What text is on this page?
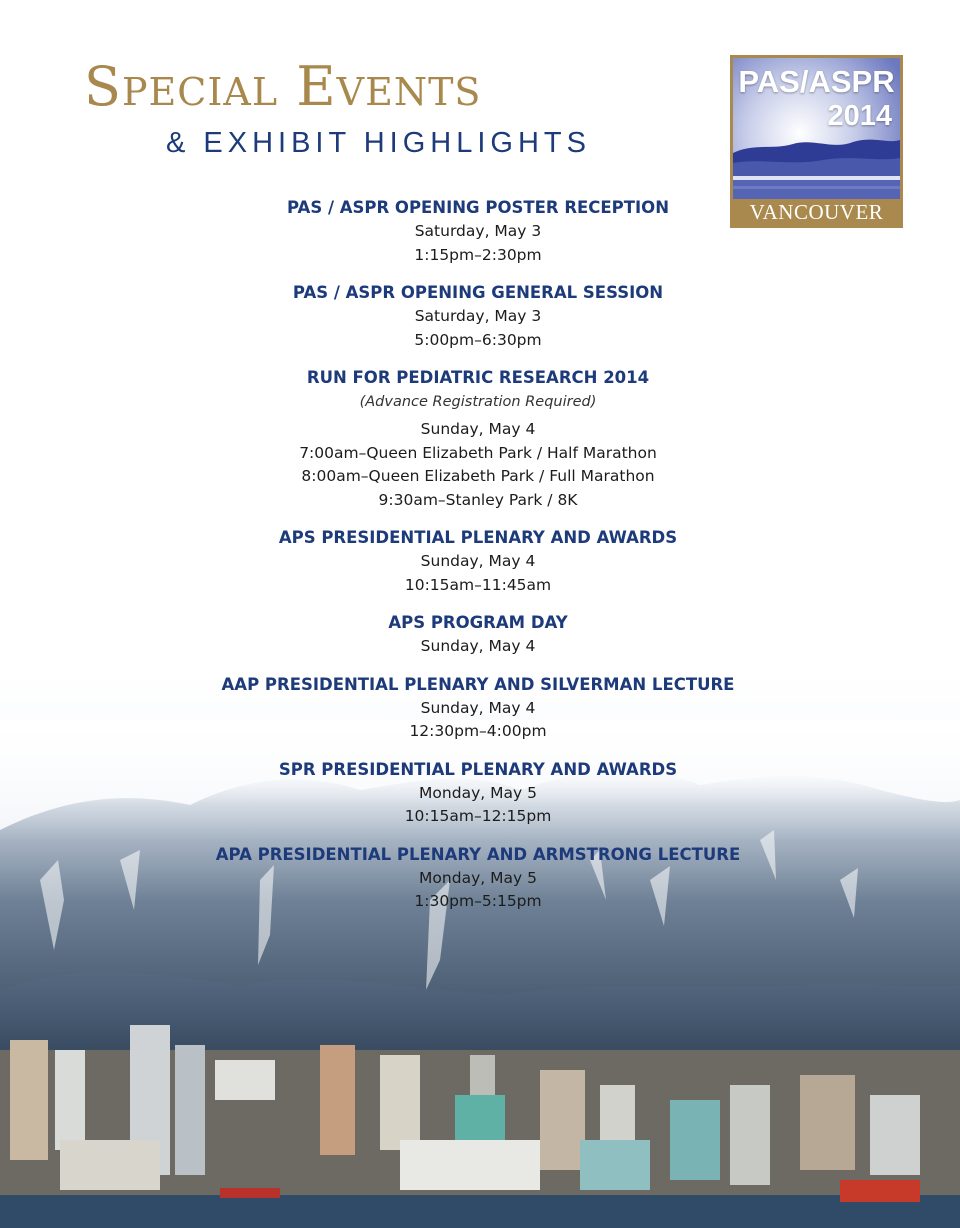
Special Events
& EXHIBIT HIGHLIGHTS
PAS/ASPR
2014
VANCOUVER
PAS / ASPR OPENING POSTER RECEPTION
Saturday, May 3
1:15pm–2:30pm
PAS / ASPR OPENING GENERAL SESSION
Saturday, May 3
5:00pm–6:30pm
RUN FOR PEDIATRIC RESEARCH 2014
(Advance Registration Required)
Sunday, May 4
7:00am–Queen Elizabeth Park / Half Marathon
8:00am–Queen Elizabeth Park / Full Marathon
9:30am–Stanley Park / 8K
APS PRESIDENTIAL PLENARY AND AWARDS
Sunday, May 4
10:15am–11:45am
APS PROGRAM DAY
Sunday, May 4
AAP PRESIDENTIAL PLENARY AND SILVERMAN LECTURE
Sunday, May 4
12:30pm–4:00pm
SPR PRESIDENTIAL PLENARY AND AWARDS
Monday, May 5
10:15am–12:15pm
APA PRESIDENTIAL PLENARY AND ARMSTRONG LECTURE
Monday, May 5
1:30pm–5:15pm
